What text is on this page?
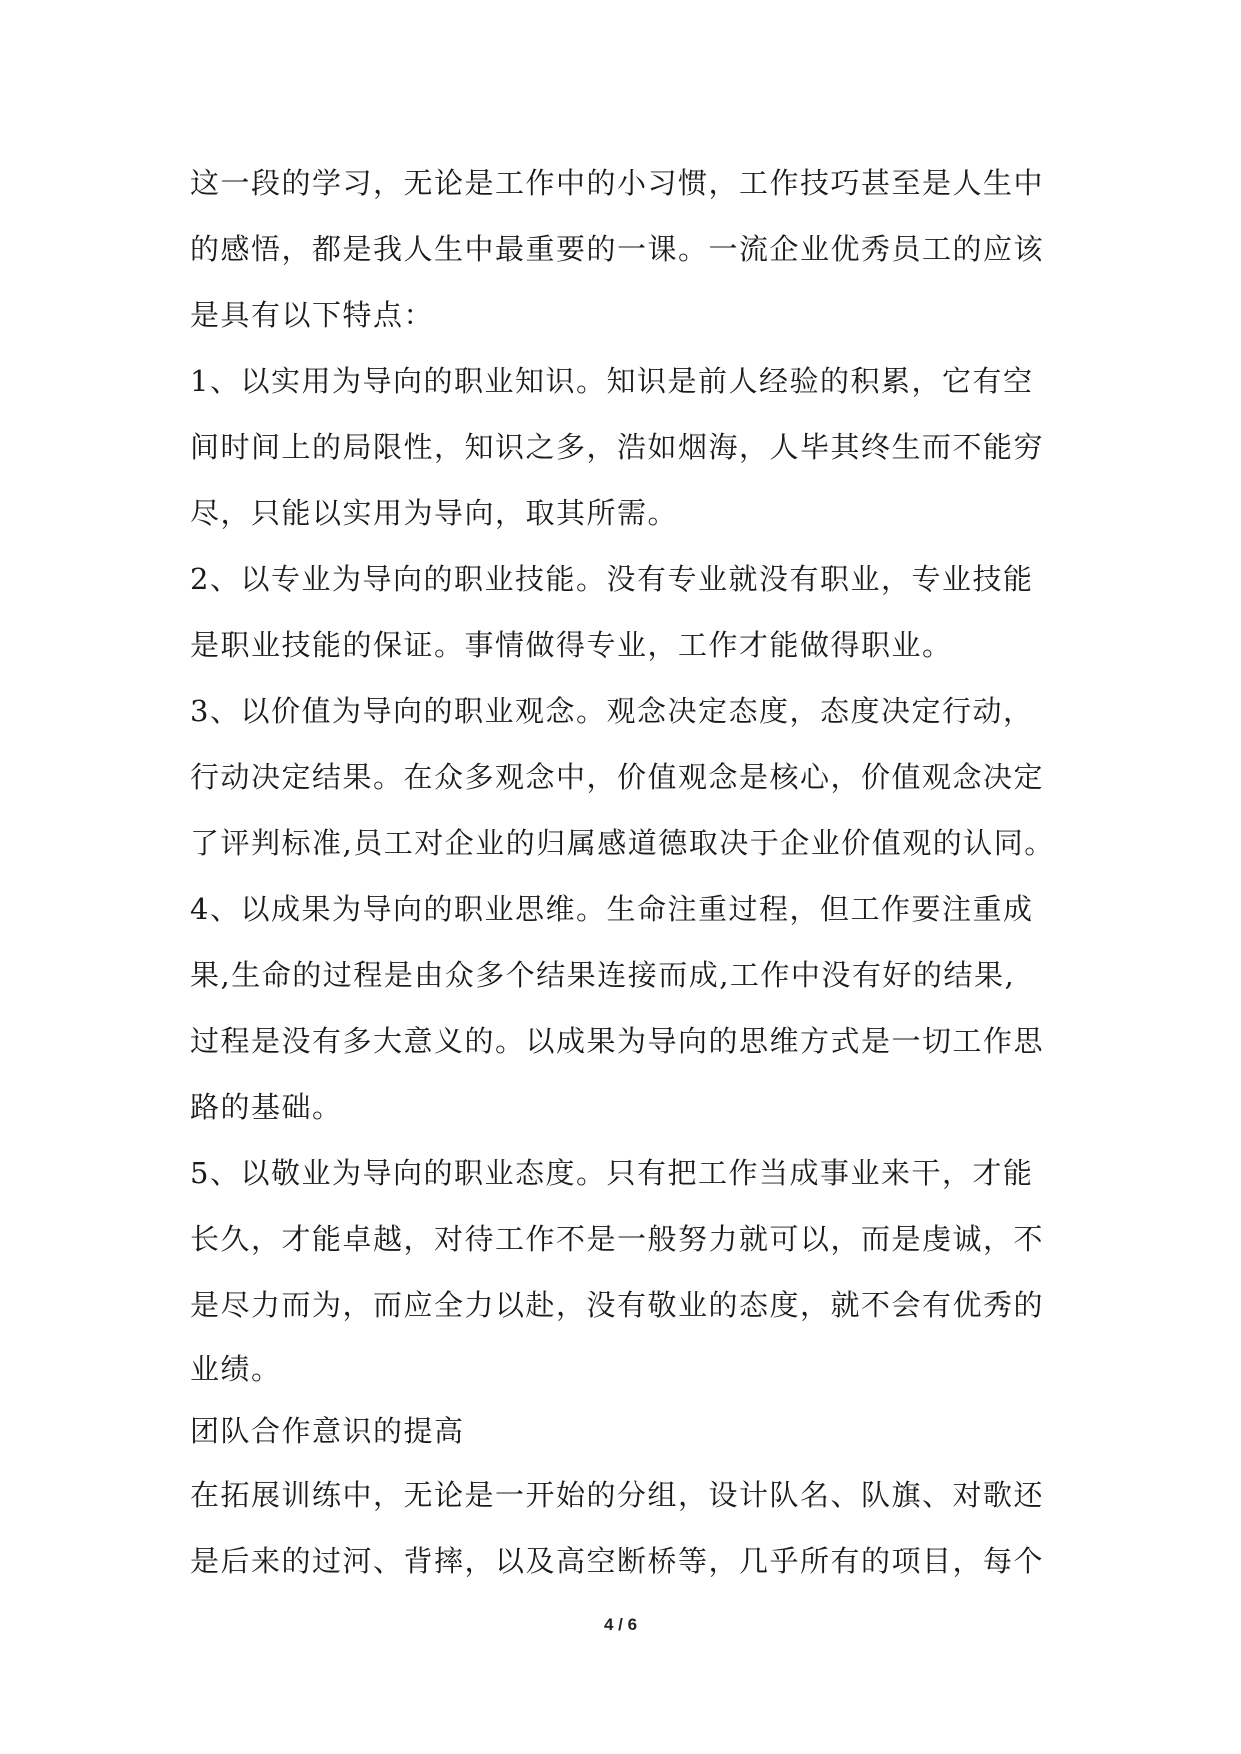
这一段的学习，无论是工作中的小习惯，工作技巧甚至是人生中
的感悟，都是我人生中最重要的一课。一流企业优秀员工的应该
是具有以下特点：
1、以实用为导向的职业知识。知识是前人经验的积累，它有空
间时间上的局限性，知识之多，浩如烟海，人毕其终生而不能穷
尽，只能以实用为导向，取其所需。
2、以专业为导向的职业技能。没有专业就没有职业，专业技能
是职业技能的保证。事情做得专业，工作才能做得职业。
3、以价值为导向的职业观念。观念决定态度，态度决定行动，
行动决定结果。在众多观念中，价值观念是核心，价值观念决定
了评判标准,员工对企业的归属感道德取决于企业价值观的认同。
4、以成果为导向的职业思维。生命注重过程，但工作要注重成
果,生命的过程是由众多个结果连接而成,工作中没有好的结果,
过程是没有多大意义的。以成果为导向的思维方式是一切工作思
路的基础。
5、以敬业为导向的职业态度。只有把工作当成事业来干，才能
长久，才能卓越，对待工作不是一般努力就可以，而是虔诚，不
是尽力而为，而应全力以赴，没有敬业的态度，就不会有优秀的
业绩。
团队合作意识的提高
在拓展训练中，无论是一开始的分组，设计队名、队旗、对歌还
是后来的过河、背摔，以及高空断桥等，几乎所有的项目，每个
4 / 6
